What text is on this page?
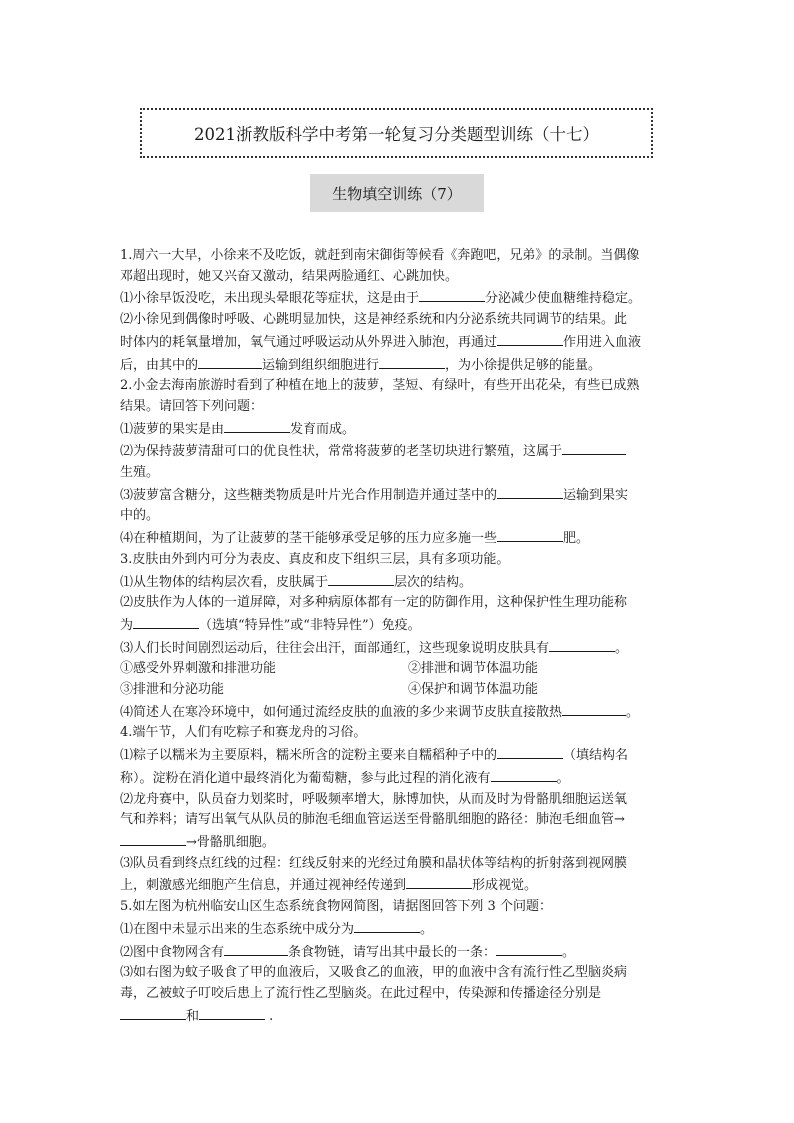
2021浙教版科学中考第一轮复习分类题型训练（十七）
生物填空训练（7）

1.周六一大早，小徐来不及吃饭，就赶到南宋御街等候看《奔跑吧，兄弟》的录制。当偶像

邓超出现时，她又兴奋又激动，结果两脸通红、心跳加快。

⑴小徐早饭没吃，未出现头晕眼花等症状，这是由于	分泌减少使血糖维持稳定。

⑵小徐见到偶像时呼吸、心跳明显加快，这是神经系统和内分泌系统共同调节的结果。此

时体内的耗氧量增加，氧气通过呼吸运动从外界进入肺泡，再通过	作用进入血液

后，由其中的	运输到组织细胞进行	，为小徐提供足够的能量。

2.小金去海南旅游时看到了种植在地上的菠萝，茎短、有绿叶，有些开出花朵，有些已成熟

结果。请回答下列问题：

⑴菠萝的果实是由	发育而成。

⑵为保持菠萝清甜可口的优良性状，常常将菠萝的老茎切块进行繁殖，这属于

生殖。

⑶菠萝富含糖分，这些糖类物质是叶片光合作用制造并通过茎中的	运输到果实

中的。

⑷在种植期间，为了让菠萝的茎干能够承受足够的压力应多施一些	肥。

3.皮肤由外到内可分为表皮、真皮和皮下组织三层，具有多项功能。

⑴从生物体的结构层次看，皮肤属于	层次的结构。

⑵皮肤作为人体的一道屏障，对多种病原体都有一定的防御作用，这种保护性生理功能称

为	（选填“特异性”或“非特异性”）免疫。

⑶人们长时间剧烈运动后，往往会出汗，面部通红，这些现象说明皮肤具有	。

①感受外界刺激和排泄功能	②排泄和调节体温功能

③排泄和分泌功能	④保护和调节体温功能

⑷简述人在寒冷环境中，如何通过流经皮肤的血液的多少来调节皮肤直接散热	。

4.端午节，人们有吃粽子和赛龙舟的习俗。

⑴粽子以糯米为主要原料，糯米所含的淀粉主要来自糯稻种子中的	（填结构名

称）。淀粉在消化道中最终消化为葡萄糖，参与此过程的消化液有	。

⑵龙舟赛中，队员奋力划桨时，呼吸频率增大，脉博加快，从而及时为骨骼肌细胞运送氧

气和养料；请写出氧气从队员的肺泡毛细血管运送至骨骼肌细胞的路径：肺泡毛细血管→

→骨骼肌细胞。

⑶队员看到终点红线的过程：红线反射来的光经过角膜和晶状体等结构的折射落到视网膜

上，刺激感光细胞产生信息，并通过视神经传递到	形成视觉。

5.如左图为杭州临安山区生态系统食物网简图，请据图回答下列 3 个问题：

⑴在图中未显示出来的生态系统中成分为	。

⑵图中食物网含有	条食物链，请写出其中最长的一条：	。

⑶如右图为蚊子吸食了甲的血液后，又吸食乙的血液，甲的血液中含有流行性乙型脑炎病

毒，乙被蚊子叮咬后患上了流行性乙型脑炎。在此过程中，传染源和传播途径分别是

和	.
